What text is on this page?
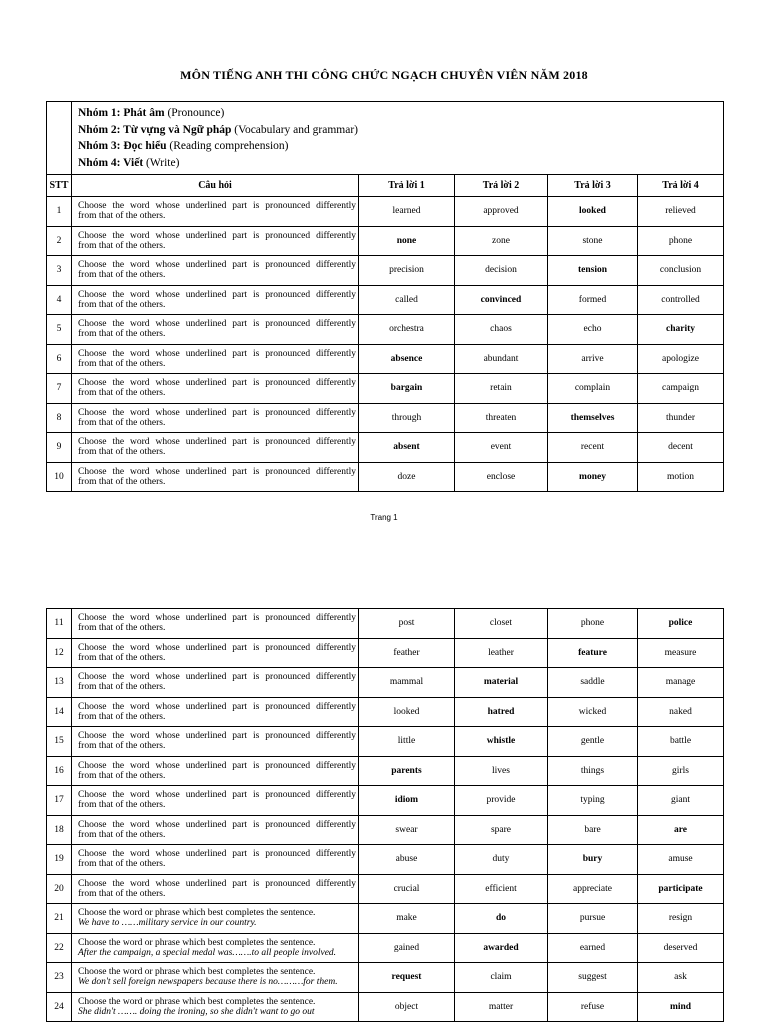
MÔN TIẾNG ANH THI CÔNG CHỨC NGẠCH CHUYÊN VIÊN NĂM 2018

	Nhóm 1: Phát âm (Pronounce)
Nhóm 2: Từ vựng và Ngữ pháp (Vocabulary and grammar)
Nhóm 3: Đọc hiểu (Reading comprehension)
Nhóm 4: Viết (Write)				

STT	Câu hỏi	Trả lời 1	Trả lời 2	Trả lời 3	Trả lời 4
1	Choose the word whose underlined part is pronounced differently
from that of the others.	learned	approved	looked	relieved
2	Choose the word whose underlined part is pronounced differently
from that of the others.	none	zone	stone	phone
3	Choose the word whose underlined part is pronounced differently
from that of the others.	precision	decision	tension	conclusion
4	Choose the word whose underlined part is pronounced differently
from that of the others.	called	convinced	formed	controlled
5	Choose the word whose underlined part is pronounced differently
from that of the others.	orchestra	chaos	echo	charity
6	Choose the word whose underlined part is pronounced differently
from that of the others.	absence	abundant	arrive	apologize
7	Choose the word whose underlined part is pronounced differently
from that of the others.	bargain	retain	complain	campaign
8	Choose the word whose underlined part is pronounced differently
from that of the others.	through	threaten	themselves	thunder
9	Choose the word whose underlined part is pronounced differently
from that of the others.	absent	event	recent	decent
10	Choose the word whose underlined part is pronounced differently
from that of the others.	doze	enclose	money	motion
Trang 1
11	Choose the word whose underlined part is pronounced differently
from that of the others.	post	closet	phone	police
12	Choose the word whose underlined part is pronounced differently
from that of the others.	feather	leather	feature	measure
13	Choose the word whose underlined part is pronounced differently
from that of the others.	mammal	material	saddle	manage
14	Choose the word whose underlined part is pronounced differently
from that of the others.	looked	hatred	wicked	naked
15	Choose the word whose underlined part is pronounced differently
from that of the others.	little	whistle	gentle	battle
16	Choose the word whose underlined part is pronounced differently
from that of the others.	parents	lives	things	girls
17	Choose the word whose underlined part is pronounced differently
from that of the others.	idiom	provide	typing	giant
18	Choose the word whose underlined part is pronounced differently
from that of the others.	swear	spare	bare	are
19	Choose the word whose underlined part is pronounced differently
from that of the others.	abuse	duty	bury	amuse
20	Choose the word whose underlined part is pronounced differently
from that of the others.	crucial	efficient	appreciate	participate
21	Choose the word or phrase which best completes the sentence.
We have to ……military service in our country.	make	do	pursue	resign
22	Choose the word or phrase which best completes the sentence.
After the campaign, a special medal was…….to all people involved.	gained	awarded	earned	deserved
23	Choose the word or phrase which best completes the sentence.
We don't sell foreign newspapers because there is no………for them.	request	claim	suggest	ask
24	Choose the word or phrase which best completes the sentence.
She didn't ……. doing the ironing, so she didn't want to go out	object	matter	refuse	mind
